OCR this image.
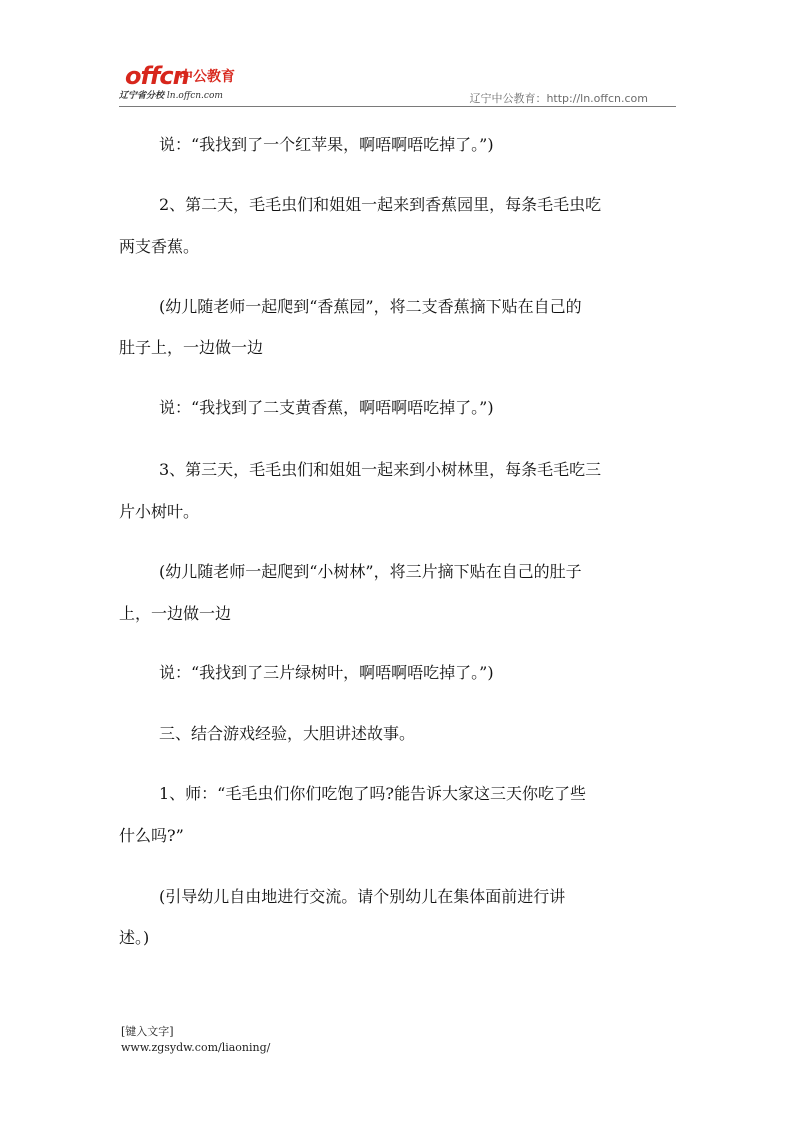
offcn
中公教育
辽宁省分校 ln.offcn.com	辽宁中公教育：http://ln.offcn.com
说：“我找到了一个红苹果，啊唔啊唔吃掉了。”)
2、第二天，毛毛虫们和姐姐一起来到香蕉园里，每条毛毛虫吃
两支香蕉。
(幼儿随老师一起爬到“香蕉园”，将二支香蕉摘下贴在自己的
肚子上，一边做一边
说：“我找到了二支黄香蕉，啊唔啊唔吃掉了。”)
3、第三天，毛毛虫们和姐姐一起来到小树林里，每条毛毛吃三
片小树叶。
(幼儿随老师一起爬到“小树林”，将三片摘下贴在自己的肚子
上，一边做一边
说：“我找到了三片绿树叶，啊唔啊唔吃掉了。”)
三、结合游戏经验，大胆讲述故事。
1、师：“毛毛虫们你们吃饱了吗?能告诉大家这三天你吃了些
什么吗?”
(引导幼儿自由地进行交流。请个别幼儿在集体面前进行讲
述。)
[键入文字]
www.zgsydw.com/liaoning/
